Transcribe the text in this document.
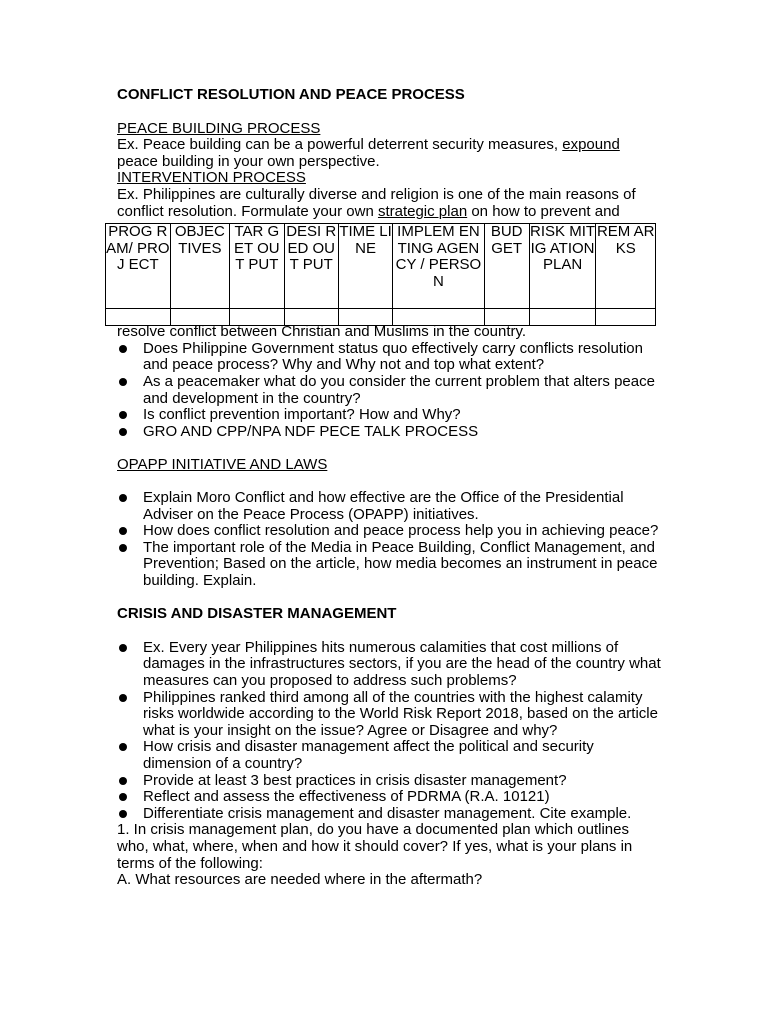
CONFLICT RESOLUTION AND PEACE PROCESS

PEACE BUILDING PROCESS

Ex. Peace building can be a powerful deterrent security measures, expound
peace building in your own perspective.

INTERVENTION PROCESS

Ex. Philippines are culturally diverse and religion is one of the main reasons of

conflict resolution. Formulate your own strategic plan on how to prevent and

PROG RAM/ PROJ ECT	OBJEC TIVES	TAR GET OUT PUT	DESI RED OUT PUT	TIME LINE	IMPLEM ENTING AGENCY / PERSON	BUD GET	RISK MITIG ATION PLAN	REM ARKS

resolve conflict between Christian and Muslims in the country.

Does Philippine Government status quo effectively carry conflicts resolution and peace process? Why and Why not and top what extent?
As a peacemaker what do you consider the current problem that alters peace and development in the country?
Is conflict prevention important? How and Why?
GRO AND CPP/NPA NDF PECE TALK PROCESS

OPAPP INITIATIVE AND LAWS

Explain Moro Conflict and how effective are the Office of the Presidential Adviser on the Peace Process (OPAPP) initiatives.
How does conflict resolution and peace process help you in achieving peace?
The important role of the Media in Peace Building, Conflict Management, and Prevention; Based on the article, how media becomes an instrument in peace building. Explain.

CRISIS AND DISASTER MANAGEMENT

Ex. Every year Philippines hits numerous calamities that cost millions of damages in the infrastructures sectors, if you are the head of the country what measures can you proposed to address such problems?
Philippines ranked third among all of the countries with the highest calamity risks worldwide according to the World Risk Report 2018, based on the article what is your insight on the issue? Agree or Disagree and why?
How crisis and disaster management affect the political and security dimension of a country?
Provide at least 3 best practices in crisis disaster management?
Reflect and assess the effectiveness of PDRMA (R.A. 10121)
Differentiate crisis management and disaster management. Cite example.

1. In crisis management plan, do you have a documented plan which outlines who, what, where, when and how it should cover? If yes, what is your plans in terms of the following:

A. What resources are needed where in the aftermath?
